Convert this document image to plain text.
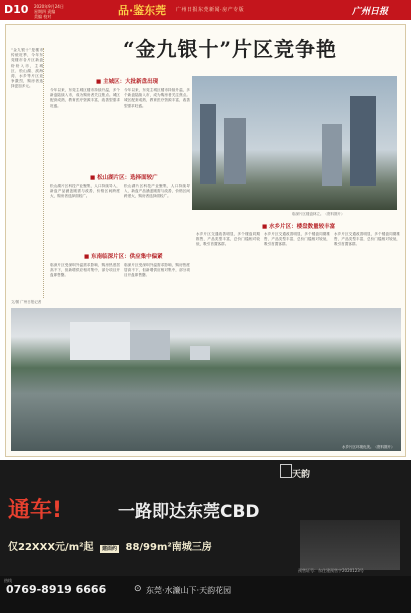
D10 2020年9月24日
星期四 责编
美编 校对	品·鉴东莞 广州日报东莞新闻·房产专版	广州日报
“金九银十”片区竞争艳
“金九银十”是楼市传统旺季，今年东莞楼市各片区新盘纷纷入市，主城区、松山湖、滨海湾、水乡等片区竞争激烈，购房者选择更加多元。
■ 主城区：大批新盘出现
今年以来，东莞主城区楼市持续升温，多个新盘陆续入市，成为购房者关注焦点。城区配套成熟，教育医疗资源丰富，改善型需求旺盛。
今年以来，东莞主城区楼市持续升温，多个新盘陆续入市，成为购房者关注焦点。城区配套成熟，教育医疗资源丰富，改善型需求旺盛。
临深片区楼盘林立。（资料图片）
■ 松山湖片区：选择面较广
松山湖片区科技产业聚集，人口持续导入，新盘产品涵盖刚需与改善，价格区间跨度大，购房者选择面较广。
松山湖片区科技产业聚集，人口持续导入，新盘产品涵盖刚需与改善，价格区间跨度大，购房者选择面较广。
■ 东南临深片区：供应集中偏紧
临深片区受深圳外溢需求影响，购房热度居高不下，但新增供应相对集中，部分项目开盘即售罄。
临深片区受深圳外溢需求影响，购房热度居高不下，但新增供应相对集中，部分项目开盘即售罄。
■ 水乡片区：楼盘数量较丰富
水乡片区交通改善明显，多个楼盘同期推售，产品类型丰富，总价门槛相对较低，吸引首置客群。
水乡片区交通改善明显，多个楼盘同期推售，产品类型丰富，总价门槛相对较低，吸引首置客群。
水乡片区交通改善明显，多个楼盘同期推售，产品类型丰富，总价门槛相对较低，吸引首置客群。
文/图 广州日报记者
水乡片区环境优美。（资料图片）
天韵
通车!	一路即达东莞CBD
仅22XXX元/m²起 建面约 88/99m²南城三房
预售证号：东住建预售字2020123号
热线
0769-8919 6666	⊙ 东莞·水濂山下·天韵花园
